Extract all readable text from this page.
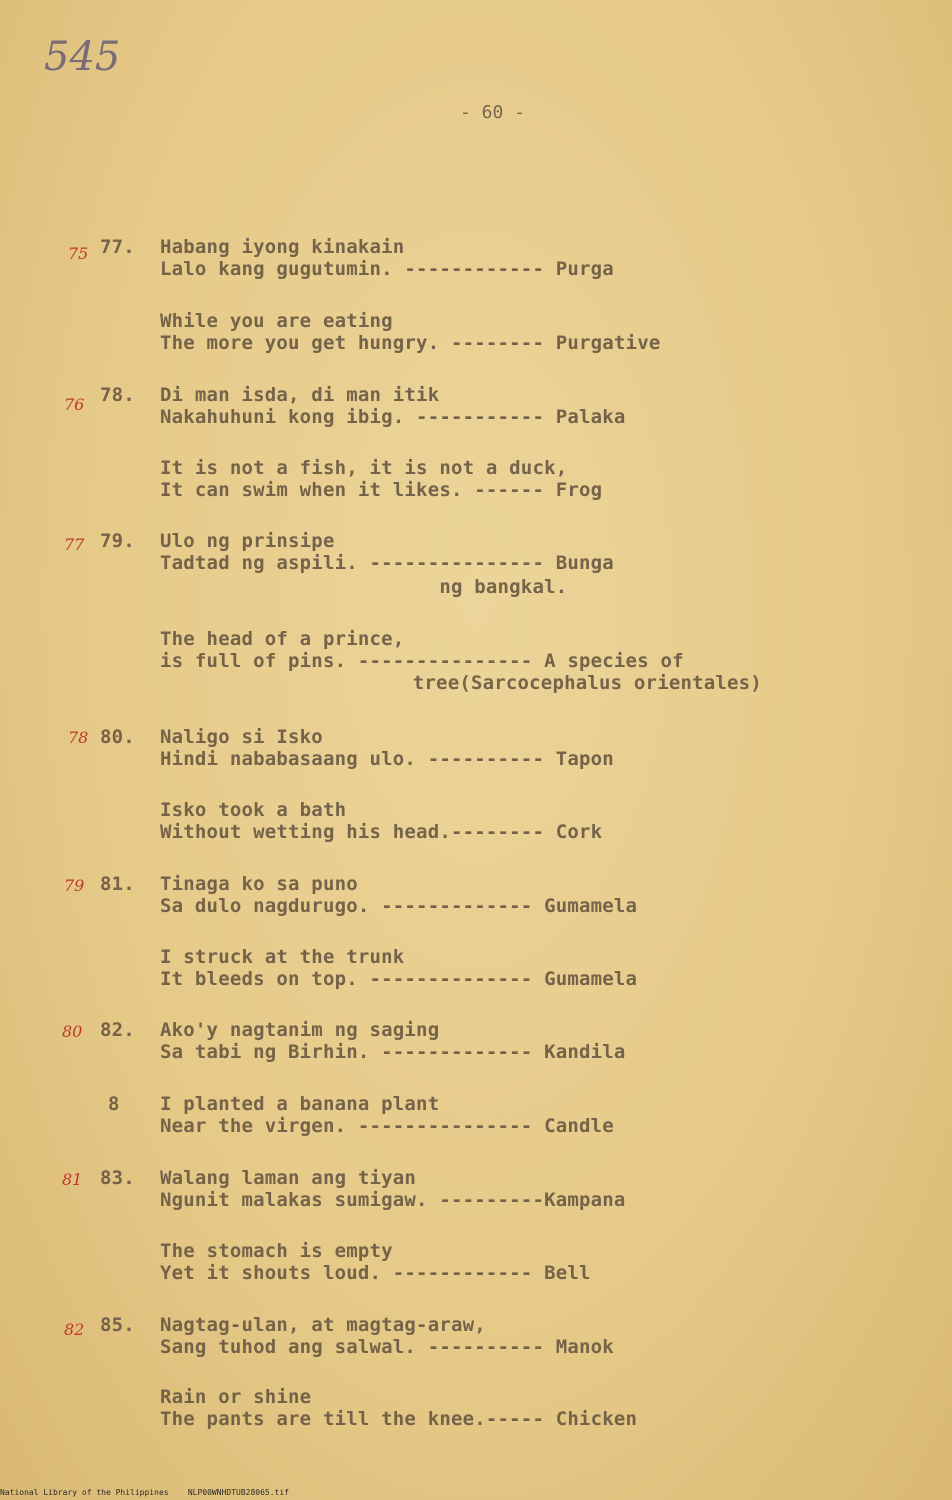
545
- 60 -
75 77. Habang iyong kinakain
Lalo kang gugutumin. ------------ Purga
While you are eating
The more you get hungry. -------- Purgative
76 78. Di man isda, di man itik
Nakahuhuni kong ibig. ----------- Palaka
It is not a fish, it is not a duck,
It can swim when it likes. ------ Frog
77 79. Ulo ng prinsipe
Tadtad ng aspili. --------------- Bunga
ng bangkal.
The head of a prince,
is full of pins. --------------- A species of
tree(Sarcocephalus orientales)
78 80. Naligo si Isko
Hindi nababasaang ulo. ---------- Tapon
Isko took a bath
Without wetting his head.-------- Cork
79 81. Tinaga ko sa puno
Sa dulo nagdurugo. ------------- Gumamela
I struck at the trunk
It bleeds on top. -------------- Gumamela
80 82. Ako'y nagtanim ng saging
Sa tabi ng Birhin. ------------- Kandila
8 I planted a banana plant
Near the virgen. --------------- Candle
81 83. Walang laman ang tiyan
Ngunit malakas sumigaw. ---------Kampana
The stomach is empty
Yet it shouts loud. ------------ Bell
82 85. Nagtag-ulan, at magtag-araw,
Sang tuhod ang salwal. ---------- Manok
Rain or shine
The pants are till the knee.----- Chicken
National Library of the Philippines    NLP00WNHDTUB28065.tif
